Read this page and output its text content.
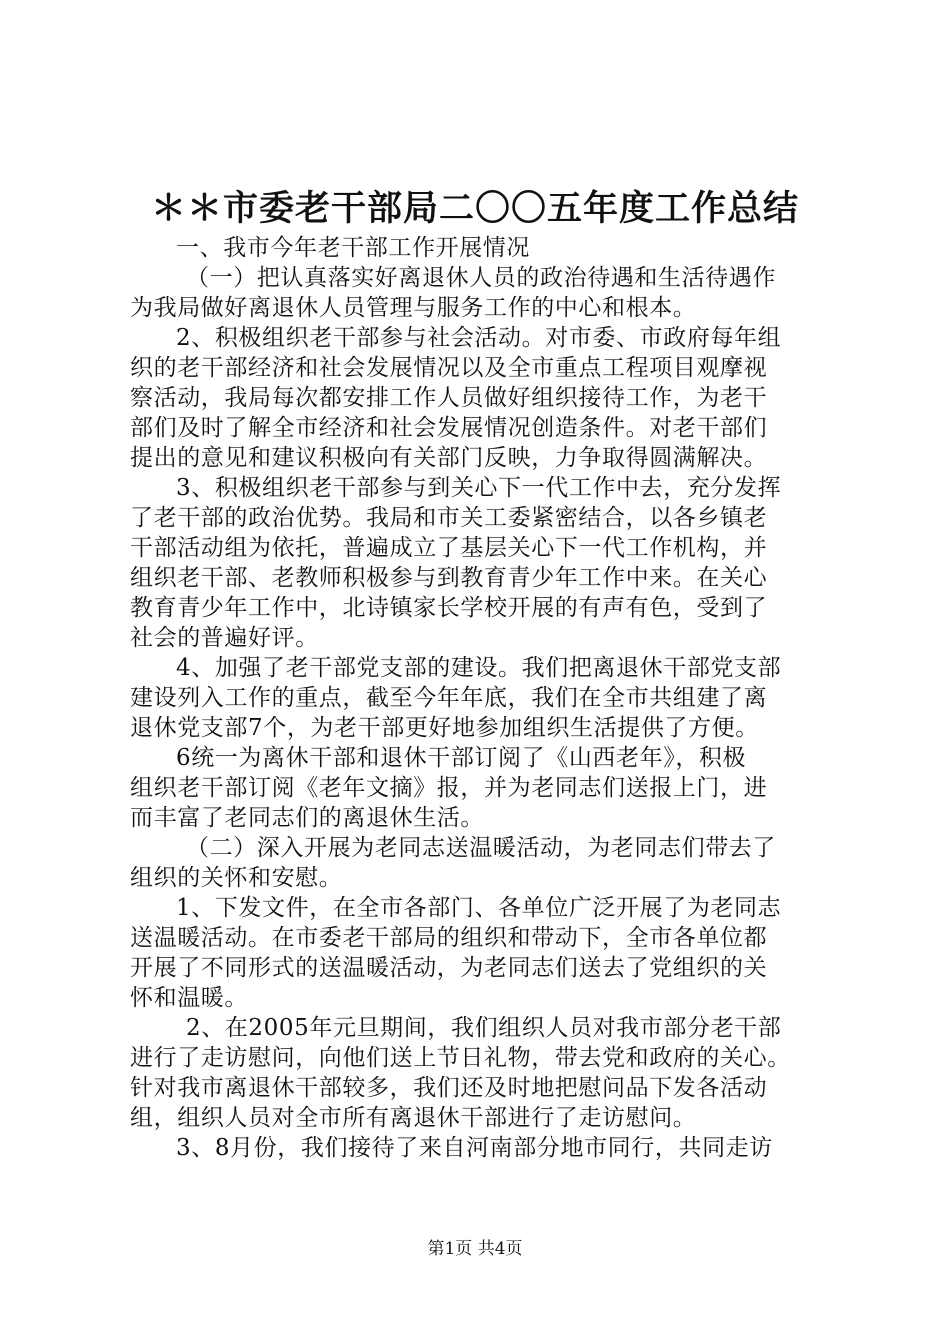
＊＊市委老干部局二〇〇五年度工作总结
一、我市今年老干部工作开展情况
（一）把认真落实好离退休人员的政治待遇和生活待遇作
为我局做好离退休人员管理与服务工作的中心和根本。
2、积极组织老干部参与社会活动。对市委、市政府每年组
织的老干部经济和社会发展情况以及全市重点工程项目观摩视
察活动，我局每次都安排工作人员做好组织接待工作，为老干
部们及时了解全市经济和社会发展情况创造条件。对老干部们
提出的意见和建议积极向有关部门反映，力争取得圆满解决。
3、积极组织老干部参与到关心下一代工作中去，充分发挥
了老干部的政治优势。我局和市关工委紧密结合，以各乡镇老
干部活动组为依托，普遍成立了基层关心下一代工作机构，并
组织老干部、老教师积极参与到教育青少年工作中来。在关心
教育青少年工作中，北诗镇家长学校开展的有声有色，受到了
社会的普遍好评。
4、加强了老干部党支部的建设。我们把离退休干部党支部
建设列入工作的重点，截至今年年底，我们在全市共组建了离
退休党支部7个，为老干部更好地参加组织生活提供了方便。
6统一为离休干部和退休干部订阅了《山西老年》，积极
组织老干部订阅《老年文摘》报，并为老同志们送报上门，进
而丰富了老同志们的离退休生活。
（二）深入开展为老同志送温暖活动，为老同志们带去了
组织的关怀和安慰。
1、下发文件，在全市各部门、各单位广泛开展了为老同志
送温暖活动。在市委老干部局的组织和带动下，全市各单位都
开展了不同形式的送温暖活动，为老同志们送去了党组织的关
怀和温暖。
2、在2005年元旦期间，我们组织人员对我市部分老干部
进行了走访慰问，向他们送上节日礼物，带去党和政府的关心。
针对我市离退休干部较多，我们还及时地把慰问品下发各活动
组，组织人员对全市所有离退休干部进行了走访慰问。
3、8月份，我们接待了来自河南部分地市同行，共同走访
第1页 共4页
